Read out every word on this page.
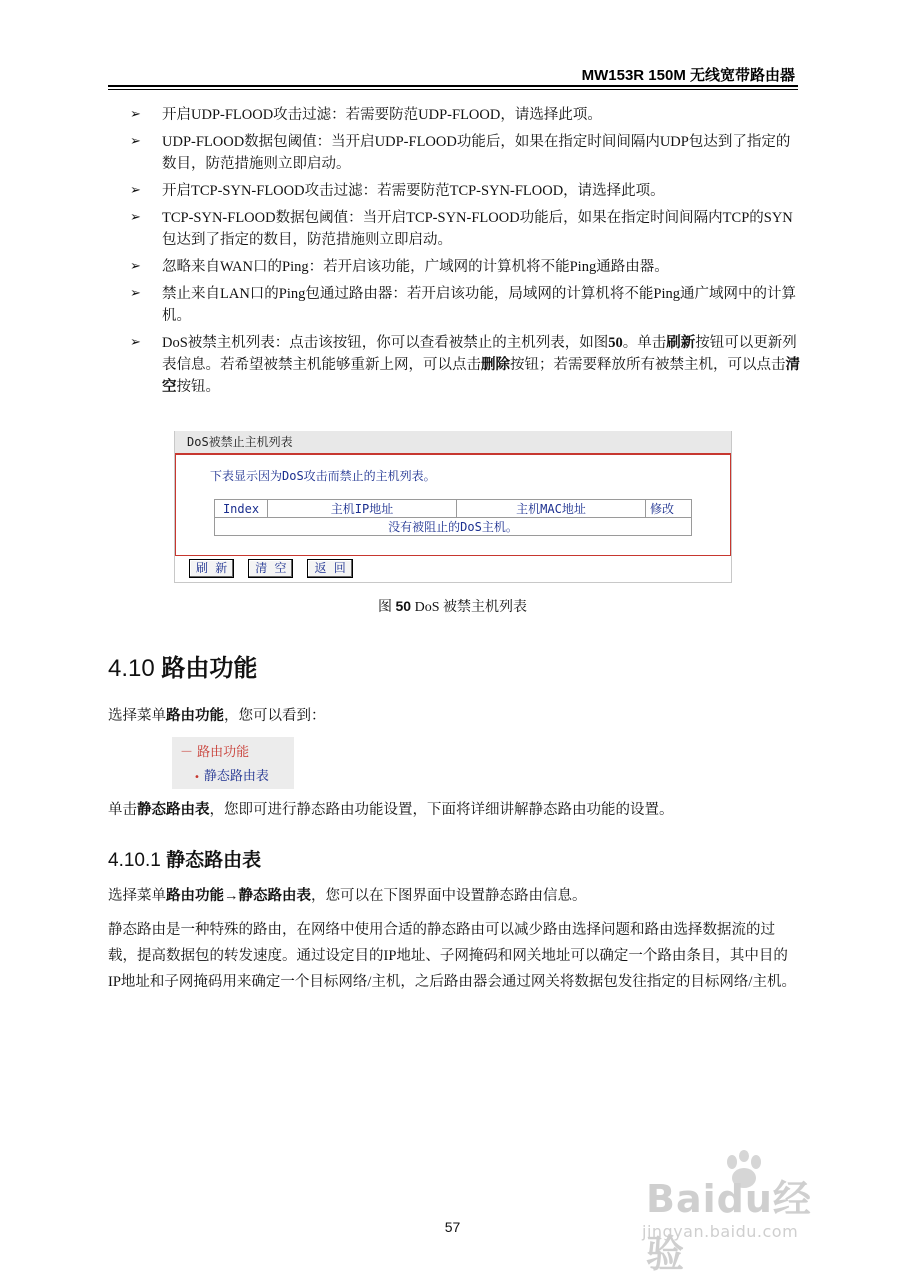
MW153R 150M 无线宽带路由器
➢ 开启UDP-FLOOD攻击过滤：若需要防范UDP-FLOOD，请选择此项。
➢ UDP-FLOOD数据包阈值：当开启UDP-FLOOD功能后，如果在指定时间间隔内UDP包达到了指定的数目，防范措施则立即启动。
➢ 开启TCP-SYN-FLOOD攻击过滤：若需要防范TCP-SYN-FLOOD，请选择此项。
➢ TCP-SYN-FLOOD数据包阈值：当开启TCP-SYN-FLOOD功能后，如果在指定时间间隔内TCP的SYN包达到了指定的数目，防范措施则立即启动。
➢ 忽略来自WAN口的Ping：若开启该功能，广域网的计算机将不能Ping通路由器。
➢ 禁止来自LAN口的Ping包通过路由器：若开启该功能，局域网的计算机将不能Ping通广域网中的计算机。
➢ DoS被禁主机列表：点击该按钮，你可以查看被禁止的主机列表，如图50。单击刷新按钮可以更新列表信息。若希望被禁主机能够重新上网，可以点击删除按钮；若需要释放所有被禁主机，可以点击清空按钮。
DoS被禁止主机列表
下表显示因为DoS攻击而禁止的主机列表。
Index	主机IP地址	主机MAC地址	修改
没有被阻止的DoS主机。
刷 新 清 空 返 回
图 50 DoS 被禁主机列表
4.10 路由功能

选择菜单路由功能，您可以看到：

－ 路由功能
• 静态路由表

单击静态路由表，您即可进行静态路由功能设置，下面将详细讲解静态路由功能的设置。

4.10.1 静态路由表

选择菜单路由功能→静态路由表，您可以在下图界面中设置静态路由信息。

静态路由是一种特殊的路由，在网络中使用合适的静态路由可以减少路由选择问题和路由选择数据流的过载，提高数据包的转发速度。通过设定目的IP地址、子网掩码和网关地址可以确定一个路由条目，其中目的IP地址和子网掩码用来确定一个目标网络/主机，之后路由器会通过网关将数据包发往指定的目标网络/主机。

Baidu经验
jingyan.baidu.com
57
